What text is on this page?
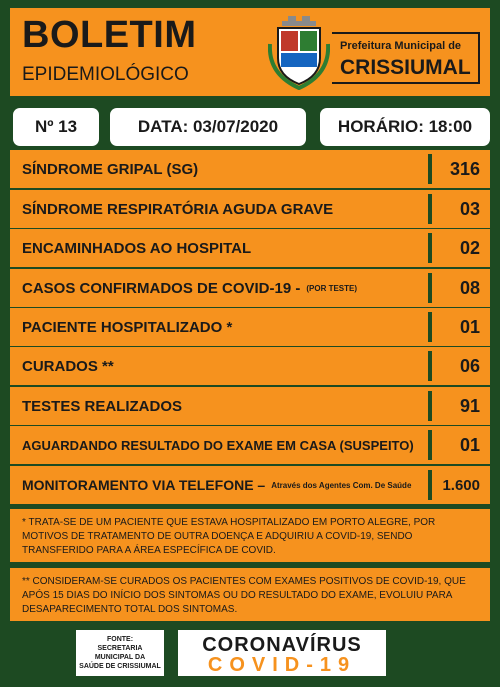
BOLETIM
EPIDEMIOLÓGICO
Prefeitura Municipal de
CRISSIUMAL
Nº 13	DATA: 03/07/2020	HORÁRIO: 18:00
SÍNDROME GRIPAL (SG)	316
SÍNDROME RESPIRATÓRIA AGUDA GRAVE	03
ENCAMINHADOS AO HOSPITAL	02
CASOS CONFIRMADOS DE COVID-19 - (POR TESTE)	08
PACIENTE HOSPITALIZADO *	01
CURADOS **	06
TESTES REALIZADOS	91
AGUARDANDO RESULTADO DO EXAME EM CASA (SUSPEITO)	01
MONITORAMENTO VIA TELEFONE – Através dos Agentes Com. De Saúde 1.600
* TRATA-SE DE UM PACIENTE QUE ESTAVA HOSPITALIZADO EM PORTO ALEGRE, POR MOTIVOS DE TRATAMENTO DE OUTRA DOENÇA E ADQUIRIU A COVID-19, SENDO TRANSFERIDO PARA A ÁREA ESPECÍFICA DE COVID.
** CONSIDERAM-SE CURADOS OS PACIENTES COM EXAMES POSITIVOS DE COVID-19, QUE APÓS 15 DIAS DO INÍCIO DOS SINTOMAS OU DO RESULTADO DO EXAME, EVOLUIU PARA DESAPARECIMENTO TOTAL DOS SINTOMAS.
FONTE:
SECRETARIA
MUNICIPAL DA
SAÚDE DE CRISSIUMAL
CORONAVÍRUS
COVID-19
